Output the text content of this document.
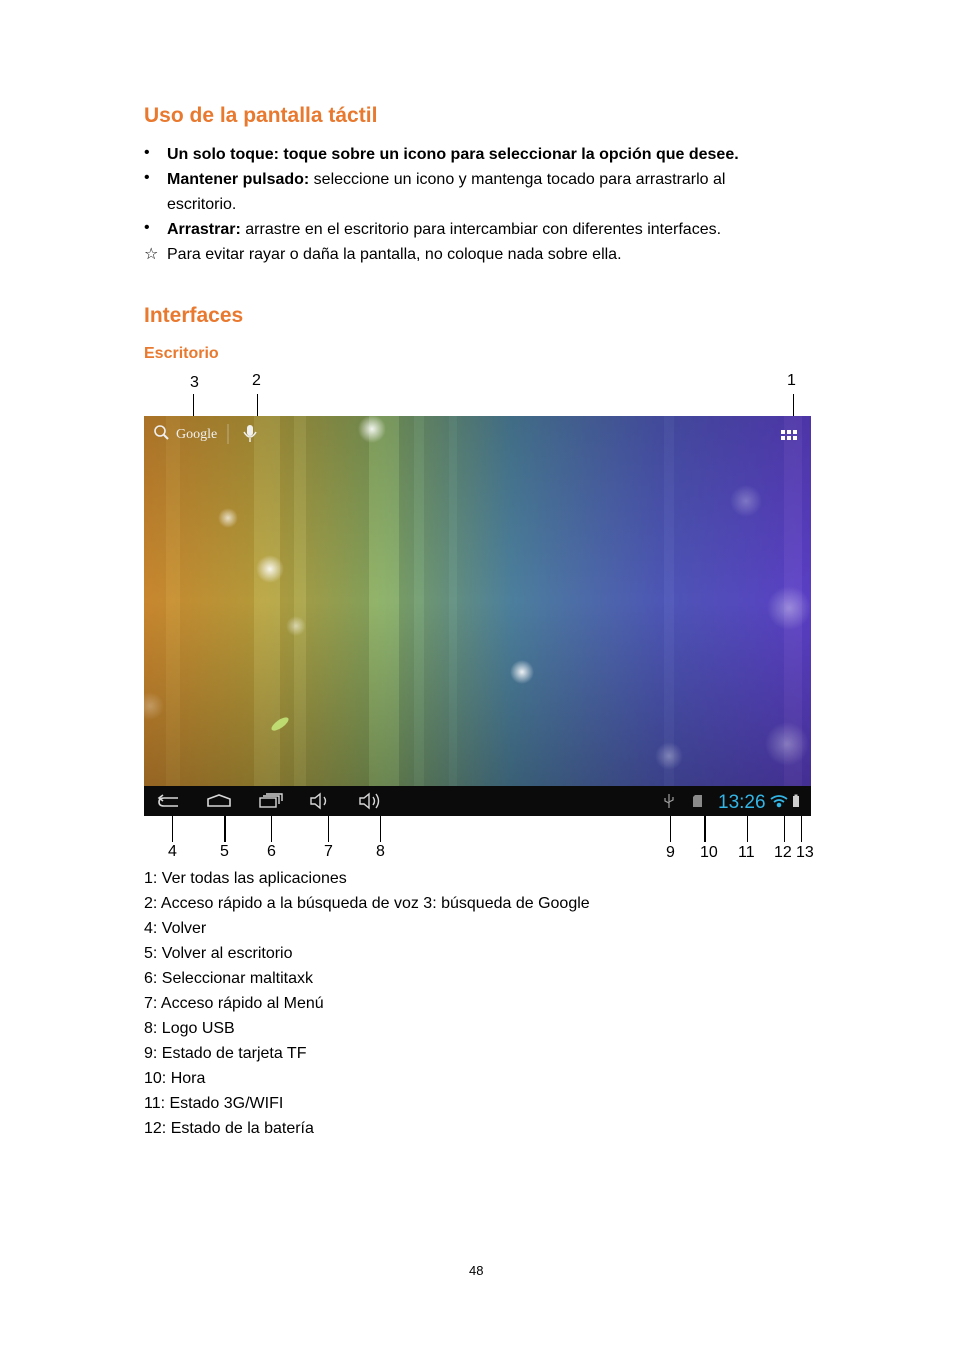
Uso de la pantalla táctil
• Un solo toque: toque sobre un icono para seleccionar la opción que desee.
• Mantener pulsado: seleccione un icono y mantenga tocado para arrastrarlo al
escritorio.
• Arrastrar: arrastre en el escritorio para intercambiar con diferentes interfaces.
☆ Para evitar rayar o daña la pantalla, no coloque nada sobre ella.
Interfaces
Escritorio
3	2	1
Google
13:26
4	5 6	7	8	9 10 11 12 13
1: Ver todas las aplicaciones
2: Acceso rápido a la búsqueda de voz 3: búsqueda de Google
4: Volver
5: Volver al escritorio
6: Seleccionar maltitaxk
7: Acceso rápido al Menú
8: Logo USB
9: Estado de tarjeta TF
10: Hora
11: Estado 3G/WIFI
12: Estado de la batería
48
